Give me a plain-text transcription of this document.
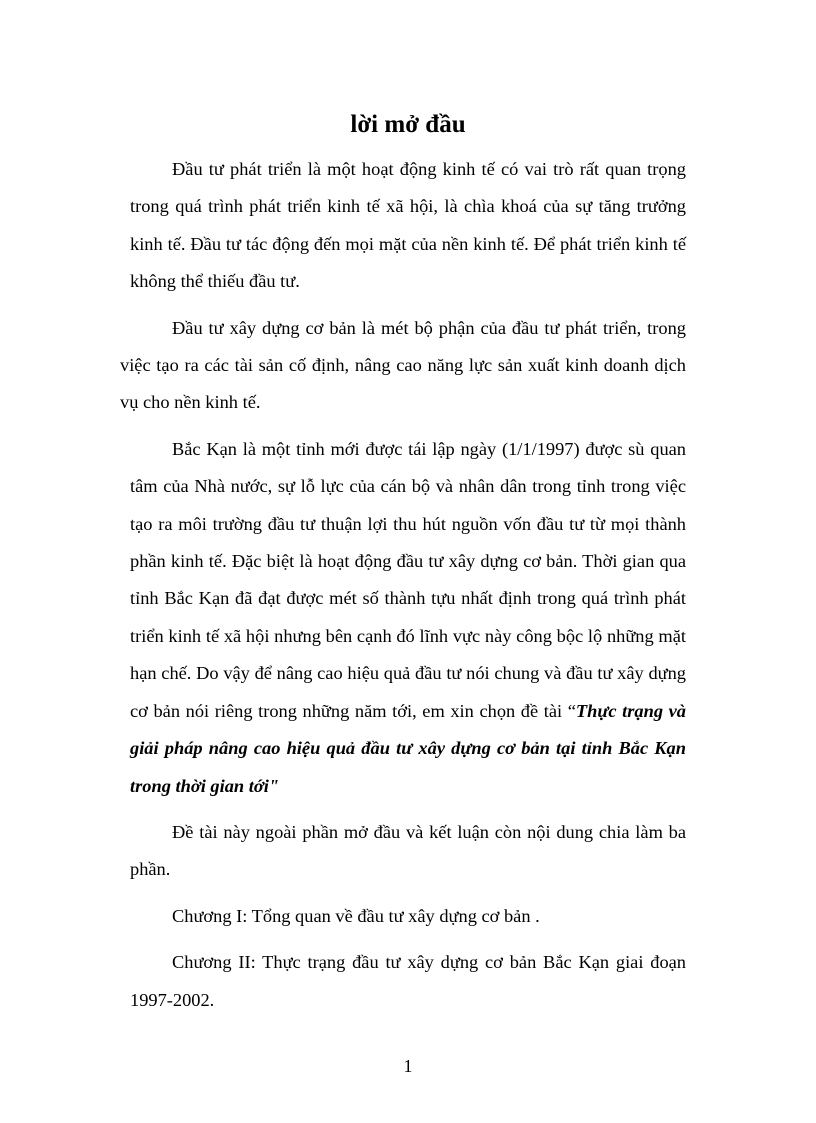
lời mở đầu

Đầu tư phát triển là một hoạt động kinh tế có vai trò rất quan trọng trong quá trình phát triển kinh tế xã hội, là chìa khoá của sự tăng trưởng kinh tế. Đầu tư tác động đến mọi mặt của nền kinh tế. Để phát triển kinh tế không thể thiếu đầu tư.

Đầu tư xây dựng cơ bản là mét bộ phận của đầu tư phát triển, trong việc tạo ra các tài sản cố định, nâng cao năng lực sản xuất kinh doanh dịch vụ cho nền kinh tế.

Bắc Kạn là một tỉnh mới được tái lập ngày (1/1/1997) được sù quan tâm của Nhà nước, sự lỗ lực của cán bộ và nhân dân trong tỉnh trong việc tạo ra môi trường đầu tư thuận lợi thu hút nguồn vốn đầu tư từ mọi thành phần kinh tế. Đặc biệt là hoạt động đầu tư xây dựng cơ bản. Thời gian qua tỉnh Bắc Kạn đã đạt được mét số thành tựu nhất định trong quá trình phát triển kinh tế xã hội nhưng bên cạnh đó lĩnh vực này công bộc lộ những mặt hạn chế. Do vậy để nâng cao hiệu quả đầu tư nói chung và đầu tư xây dựng cơ bản nói riêng trong những năm tới, em xin chọn đề tài “Thực trạng và giải pháp nâng cao hiệu quả đầu tư xây dựng cơ bản tại tỉnh Bắc Kạn trong thời gian tới"

Đề tài này ngoài phần mở đầu và kết luận còn nội dung chia làm ba phần.

Chương I: Tổng quan về đầu tư xây dựng cơ bản .

Chương II: Thực trạng đầu tư xây dựng cơ bản Bắc Kạn giai đoạn 1997-2002.

1
